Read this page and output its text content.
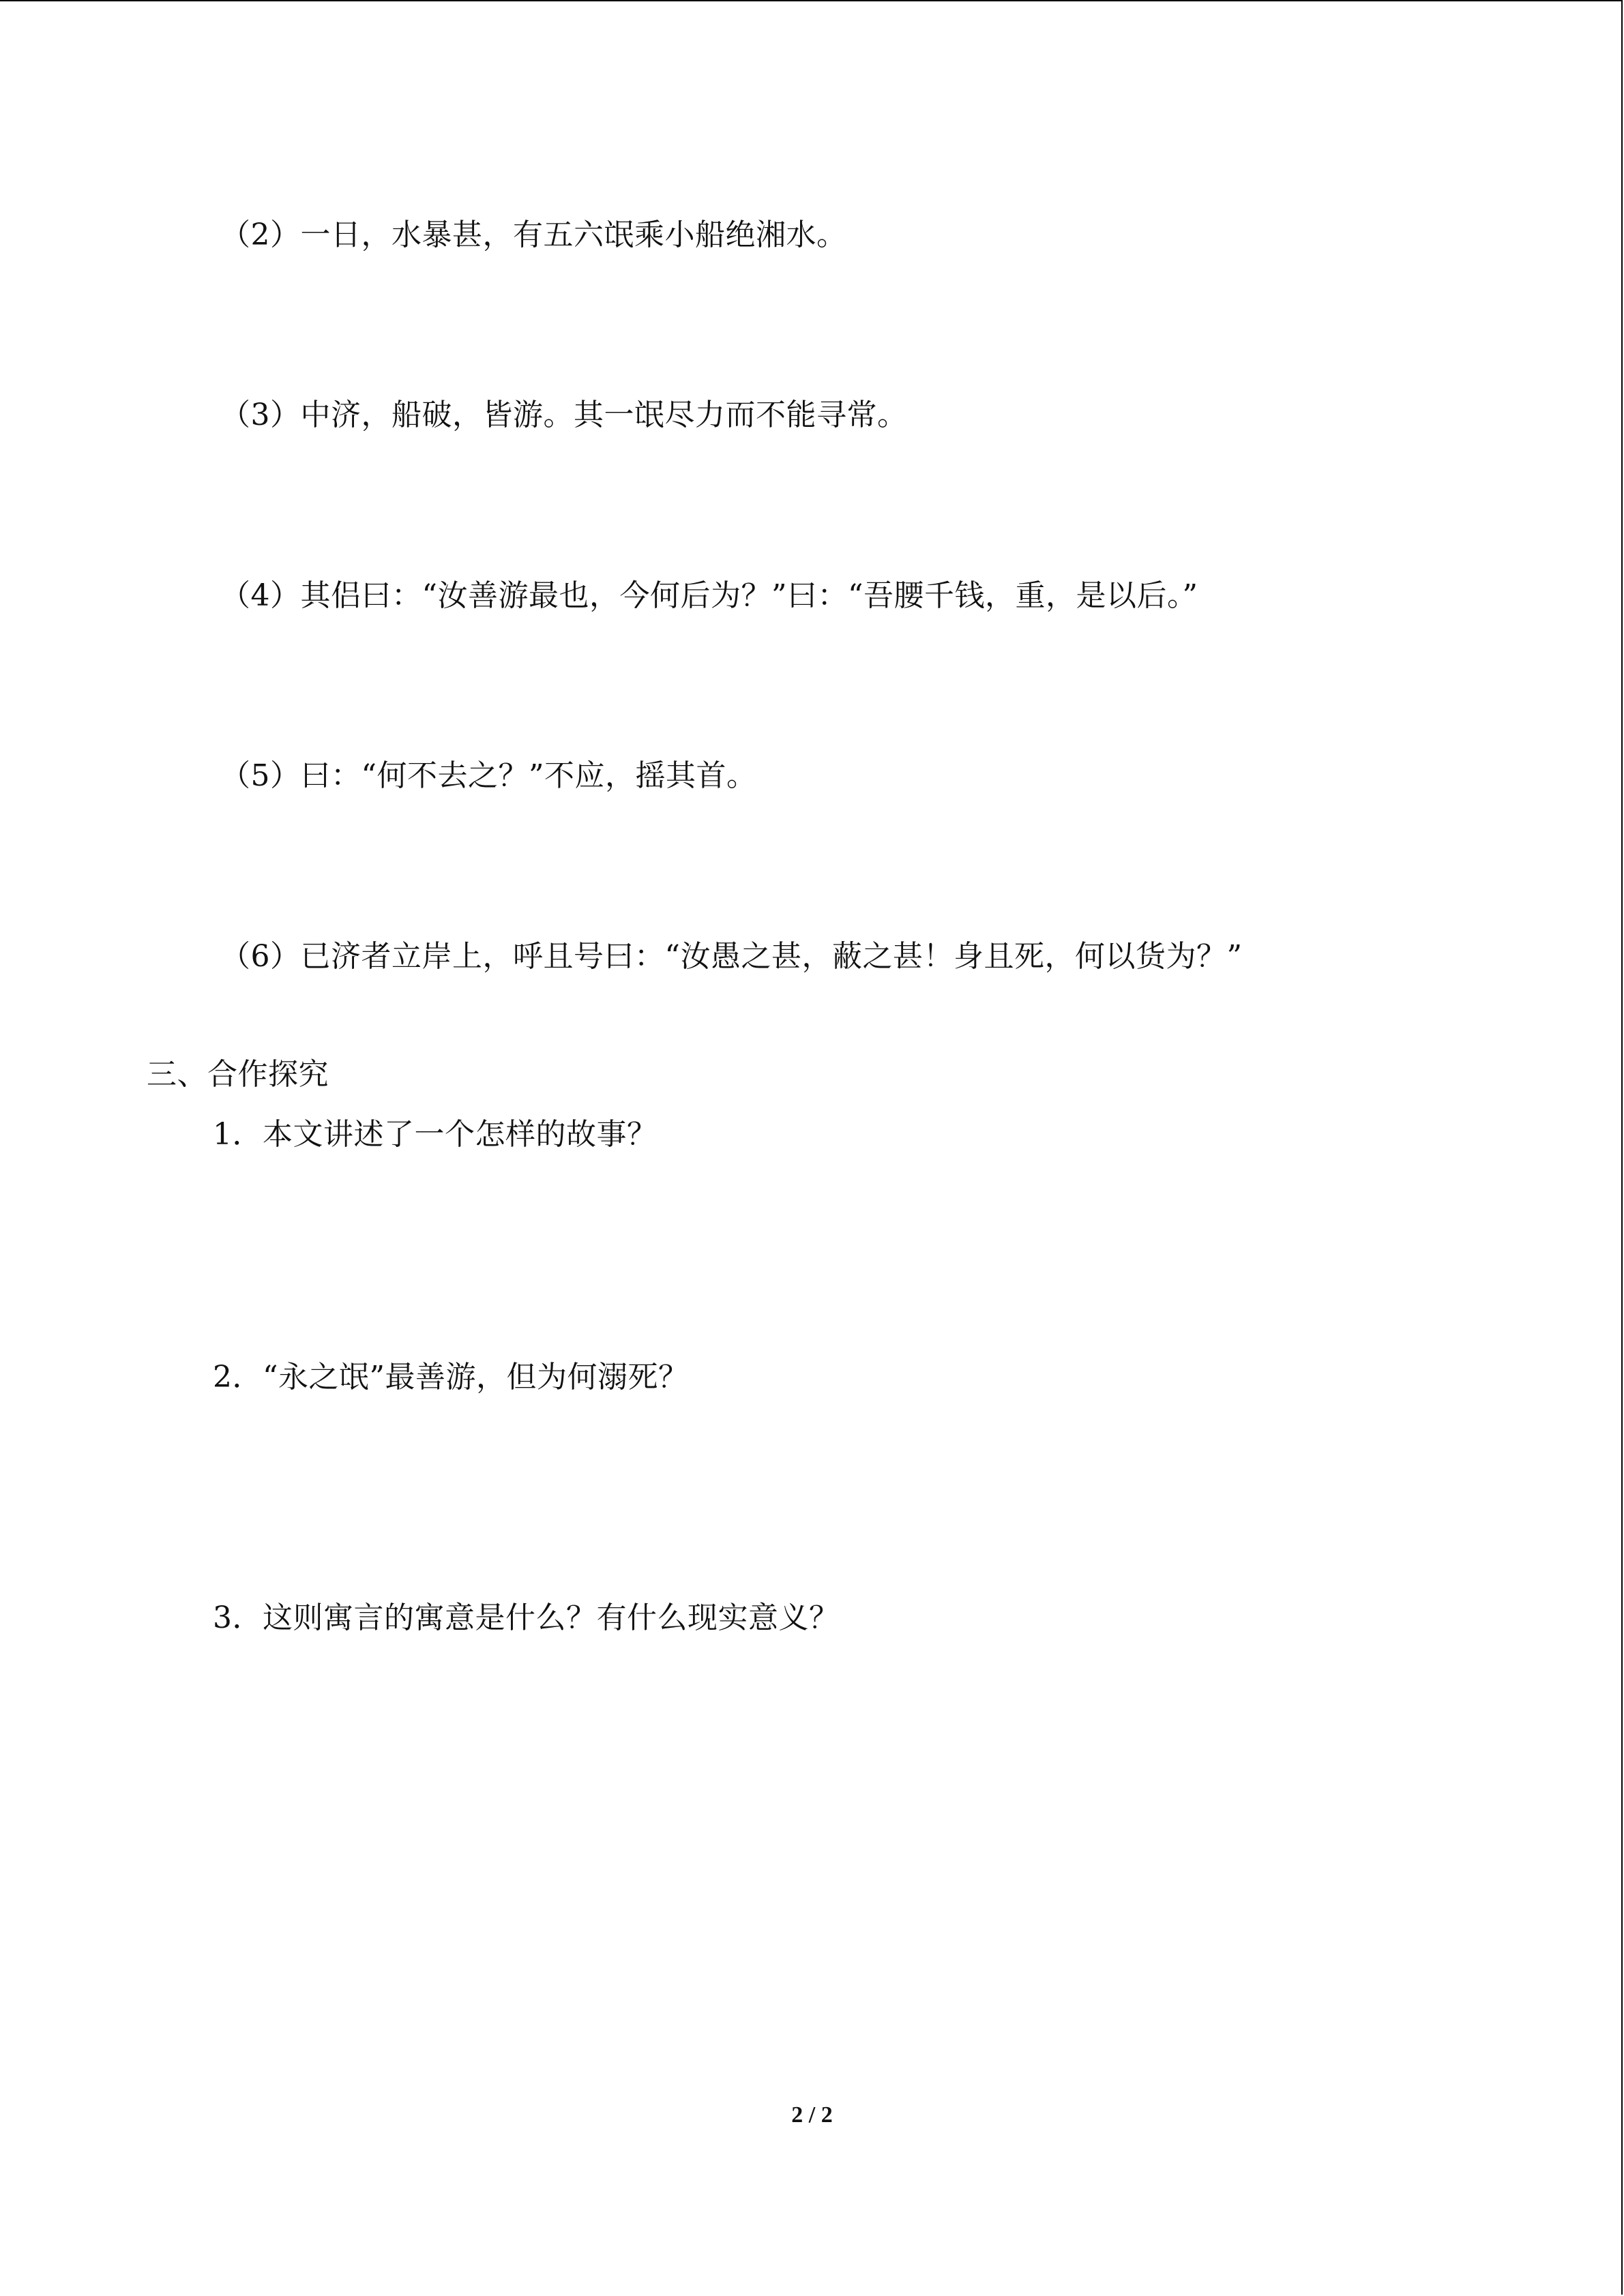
（2）一日，水暴甚，有五六氓乘小船绝湘水。
（3）中济，船破，皆游。其一氓尽力而不能寻常。
（4）其侣曰：“汝善游最也，今何后为？”曰：“吾腰千钱，重，是以后。”
（5）曰：“何不去之？”不应，摇其首。
（6）已济者立岸上，呼且号曰：“汝愚之甚，蔽之甚！身且死，何以货为？”
三、合作探究
1．本文讲述了一个怎样的故事？
2．“永之氓”最善游，但为何溺死？
3．这则寓言的寓意是什么？有什么现实意义？
2 / 2
